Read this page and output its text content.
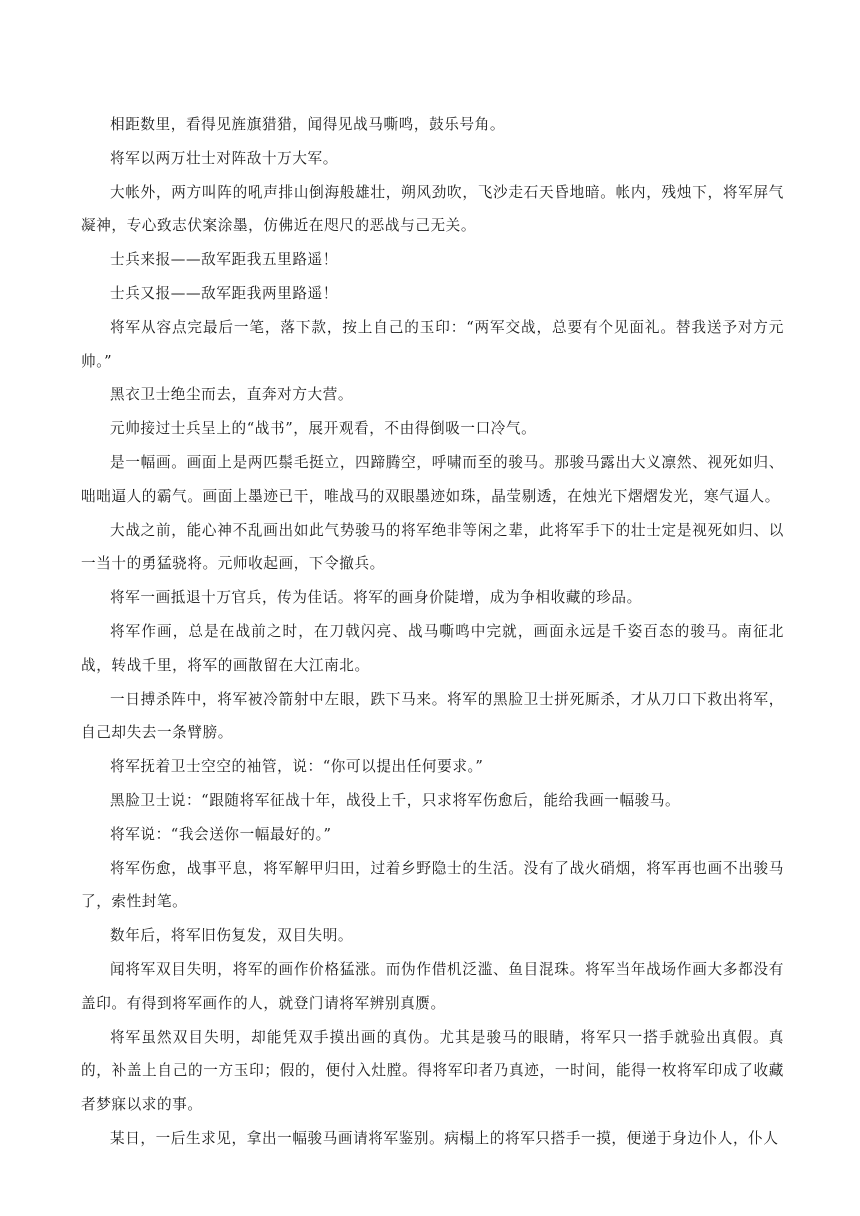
相距数里，看得见旌旗猎猎，闻得见战马嘶鸣，鼓乐号角。

将军以两万壮士对阵敌十万大军。

大帐外，两方叫阵的吼声排山倒海般雄壮，朔风劲吹，飞沙走石天昏地暗。帐内，残烛下，将军屏气凝神，专心致志伏案涂墨，仿佛近在咫尺的恶战与己无关。

士兵来报——敌军距我五里路遥！

士兵又报——敌军距我两里路遥！

将军从容点完最后一笔，落下款，按上自己的玉印：“两军交战，总要有个见面礼。替我送予对方元帅。”

黑衣卫士绝尘而去，直奔对方大营。

元帅接过士兵呈上的“战书”，展开观看，不由得倒吸一口冷气。

是一幅画。画面上是两匹鬃毛挺立，四蹄腾空，呼啸而至的骏马。那骏马露出大义凛然、视死如归、咄咄逼人的霸气。画面上墨迹已干，唯战马的双眼墨迹如珠，晶莹剔透，在烛光下熠熠发光，寒气逼人。

大战之前，能心神不乱画出如此气势骏马的将军绝非等闲之辈，此将军手下的壮士定是视死如归、以一当十的勇猛骁将。元师收起画，下令撤兵。

将军一画抵退十万官兵，传为佳话。将军的画身价陡增，成为争相收藏的珍品。

将军作画，总是在战前之时，在刀戟闪亮、战马嘶鸣中完就，画面永远是千姿百态的骏马。南征北战，转战千里，将军的画散留在大江南北。

一日搏杀阵中，将军被冷箭射中左眼，跌下马来。将军的黑脸卫士拼死厮杀，才从刀口下救出将军，自己却失去一条臂膀。

将军抚着卫士空空的袖管，说：“你可以提出任何要求。”

黑脸卫士说：“跟随将军征战十年，战役上千，只求将军伤愈后，能给我画一幅骏马。

将军说：“我会送你一幅最好的。”

将军伤愈，战事平息，将军解甲归田，过着乡野隐士的生活。没有了战火硝烟，将军再也画不出骏马了，索性封笔。

数年后，将军旧伤复发，双目失明。

闻将军双目失明，将军的画作价格猛涨。而伪作借机泛滥、鱼目混珠。将军当年战场作画大多都没有盖印。有得到将军画作的人，就登门请将军辨别真赝。

将军虽然双目失明，却能凭双手摸出画的真伪。尤其是骏马的眼睛，将军只一搭手就验出真假。真的，补盖上自己的一方玉印；假的，便付入灶膛。得将军印者乃真迹，一时间，能得一枚将军印成了收藏者梦寐以求的事。

某日，一后生求见，拿出一幅骏马画请将军鉴别。病榻上的将军只搭手一摸，便递于身边仆人，仆人
